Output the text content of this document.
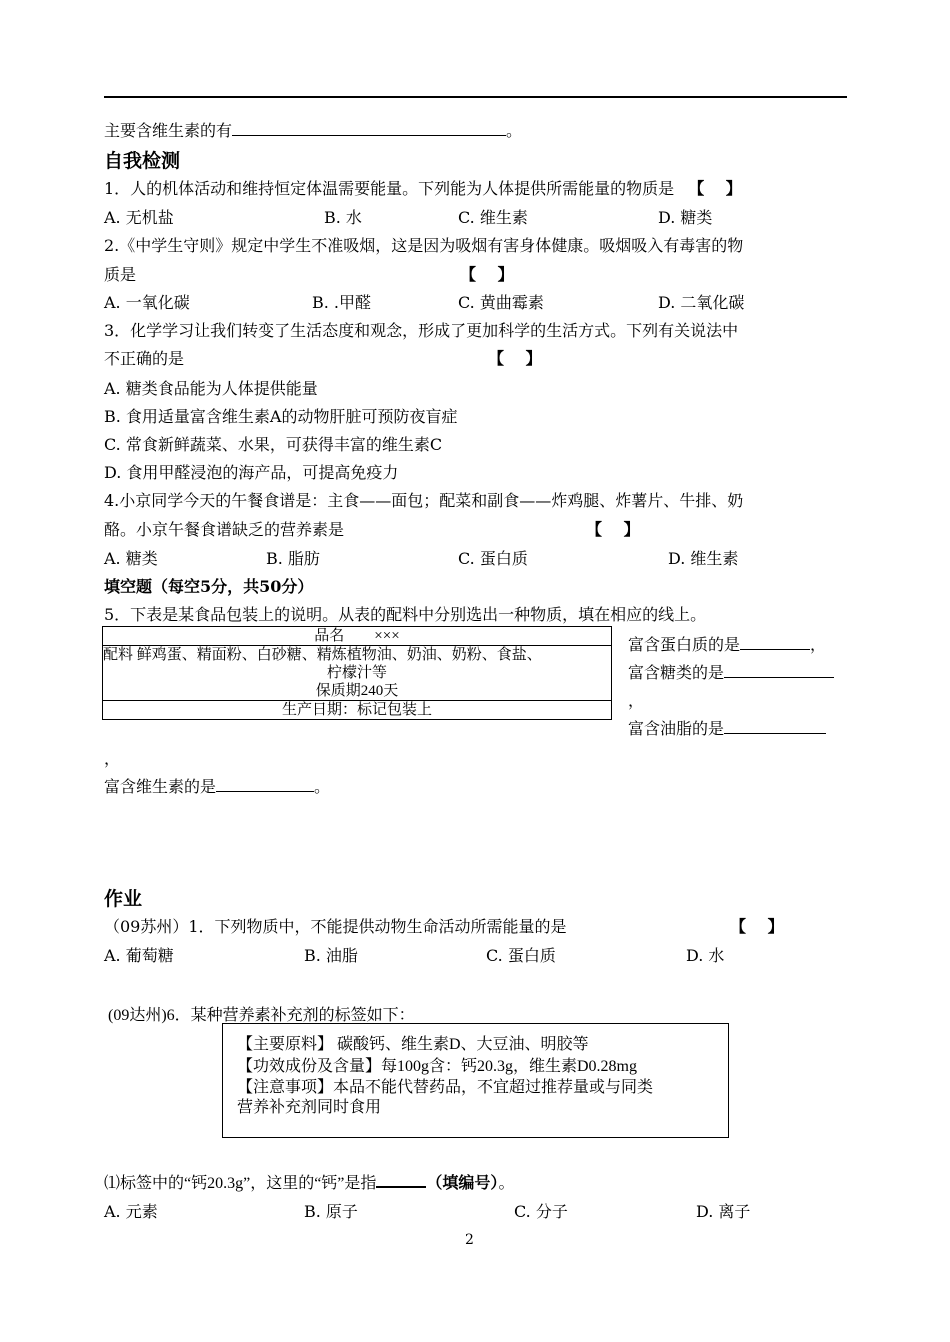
主要含维生素的有	。
自我检测
1．人的机体活动和维持恒定体温需要能量。下列能为人体提供所需能量的物质是 【　 】
A. 无机盐	B. 水	C. 维生素	D. 糖类
2.《中学生守则》规定中学生不准吸烟，这是因为吸烟有害身体健康。吸烟吸入有毒害的物
质是	【　 】
A. 一氧化碳	B. .甲醛	C. 黄曲霉素	D. 二氧化碳
3．化学学习让我们转变了生活态度和观念，形成了更加科学的生活方式。下列有关说法中
不正确的是	【　 】
A. 糖类食品能为人体提供能量
B. 食用适量富含维生素A的动物肝脏可预防夜盲症
C. 常食新鲜蔬菜、水果，可获得丰富的维生素C
D. 食用甲醛浸泡的海产品，可提高免疫力
4.小京同学今天的午餐食谱是：主食——面包；配菜和副食——炸鸡腿、炸薯片、牛排、奶
酪。小京午餐食谱缺乏的营养素是	【　 】
A. 糖类	B. 脂肪	C. 蛋白质	D. 维生素
填空题（每空5分，共50分）
5．下表是某食品包装上的说明。从表的配料中分别选出一种物质，填在相应的线上。
品名　　×××
配料 鲜鸡蛋、精面粉、白砂糖、精炼植物油、奶油、奶粉、食盐、
柠檬汁等
保质期240天
生产日期：标记包装上
富含蛋白质的是	，
富含糖类的是
，
富含油脂的是
，
富含维生素的是	。
作业
（09苏州）1．下列物质中，不能提供动物生命活动所需能量的是	【　 】
A. 葡萄糖	B. 油脂	C. 蛋白质	D. 水
(09达州)6．某种营养素补充剂的标签如下：
【主要原料】 碳酸钙、维生素D、大豆油、明胶等
【功效成份及含量】每100g含：钙20.3g，维生素D0.28mg
【注意事项】本品不能代替药品，不宜超过推荐量或与同类
营养补充剂同时食用
⑴标签中的“钙20.3g”，这里的“钙”是指	（填编号）。
A. 元素	B. 原子	C. 分子	D. 离子
2
